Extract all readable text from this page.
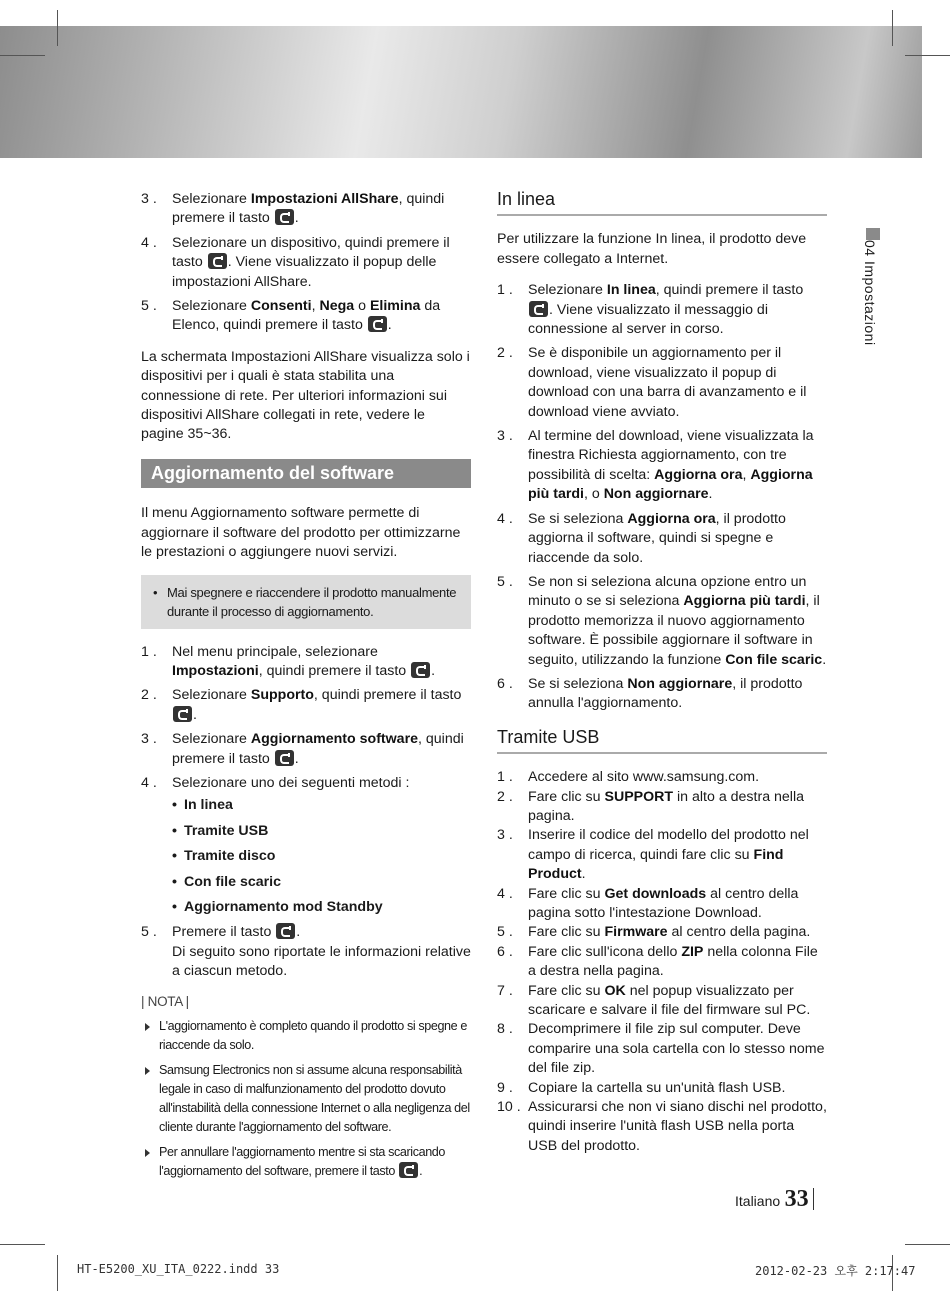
3 . Selezionare Impostazioni AllShare, quindi premere il tasto .
4 . Selezionare un dispositivo, quindi premere il tasto . Viene visualizzato il popup delle impostazioni AllShare.
5 . Selezionare Consenti, Nega o Elimina da Elenco, quindi premere il tasto .

La schermata Impostazioni AllShare visualizza solo i dispositivi per i quali è stata stabilita una connessione di rete. Per ulteriori informazioni sui dispositivi AllShare collegati in rete, vedere le pagine 35~36.

Aggiornamento del software

Il menu Aggiornamento software permette di aggiornare il software del prodotto per ottimizzarne le prestazioni o aggiungere nuovi servizi.

• Mai spegnere e riaccendere il prodotto manualmente durante il processo di aggiornamento.
1 . Nel menu principale, selezionare Impostazioni, quindi premere il tasto .
2 . Selezionare Supporto, quindi premere il tasto .
3 . Selezionare Aggiornamento software, quindi premere il tasto .
4 . Selezionare uno dei seguenti metodi :
• In linea
• Tramite USB
• Tramite disco
• Con file scaric
• Aggiornamento mod Standby
5 . Premere il tasto .
Di seguito sono riportate le informazioni relative a ciascun metodo.
| NOTA |
L'aggiornamento è completo quando il prodotto si spegne e riaccende da solo.
Samsung Electronics non si assume alcuna responsabilità legale in caso di malfunzionamento del prodotto dovuto all'instabilità della connessione Internet o alla negligenza del cliente durante l'aggiornamento del software.
Per annullare l'aggiornamento mentre si sta scaricando l'aggiornamento del software, premere il tasto .
In linea

Per utilizzare la funzione In linea, il prodotto deve essere collegato a Internet.

1 . Selezionare In linea, quindi premere il tasto . Viene visualizzato il messaggio di connessione al server in corso.
2 . Se è disponibile un aggiornamento per il download, viene visualizzato il popup di download con una barra di avanzamento e il download viene avviato.
3 . Al termine del download, viene visualizzata la finestra Richiesta aggiornamento, con tre possibilità di scelta: Aggiorna ora, Aggiorna più tardi, o Non aggiornare.
4 . Se si seleziona Aggiorna ora, il prodotto aggiorna il software, quindi si spegne e riaccende da solo.
5 . Se non si seleziona alcuna opzione entro un minuto o se si seleziona Aggiorna più tardi, il prodotto memorizza il nuovo aggiornamento software. È possibile aggiornare il software in seguito, utilizzando la funzione Con file scaric.
6 . Se si seleziona Non aggiornare, il prodotto annulla l'aggiornamento.
Tramite USB
1 . Accedere al sito www.samsung.com.
2 . Fare clic su SUPPORT in alto a destra nella pagina.
3 . Inserire il codice del modello del prodotto nel campo di ricerca, quindi fare clic su Find Product.
4 . Fare clic su Get downloads al centro della pagina sotto l'intestazione Download.
5 . Fare clic su Firmware al centro della pagina.
6 . Fare clic sull'icona dello ZIP nella colonna File a destra nella pagina.
7 . Fare clic su OK nel popup visualizzato per scaricare e salvare il file del firmware sul PC.
8 . Decomprimere il file zip sul computer. Deve comparire una sola cartella con lo stesso nome del file zip.
9 . Copiare la cartella su un'unità flash USB.
10 . Assicurarsi che non vi siano dischi nel prodotto, quindi inserire l'unità flash USB nella porta USB del prodotto.
04 Impostazioni
Italiano 33
HT-E5200_XU_ITA_0222.indd 33	2012-02-23 오후 2:17:47
